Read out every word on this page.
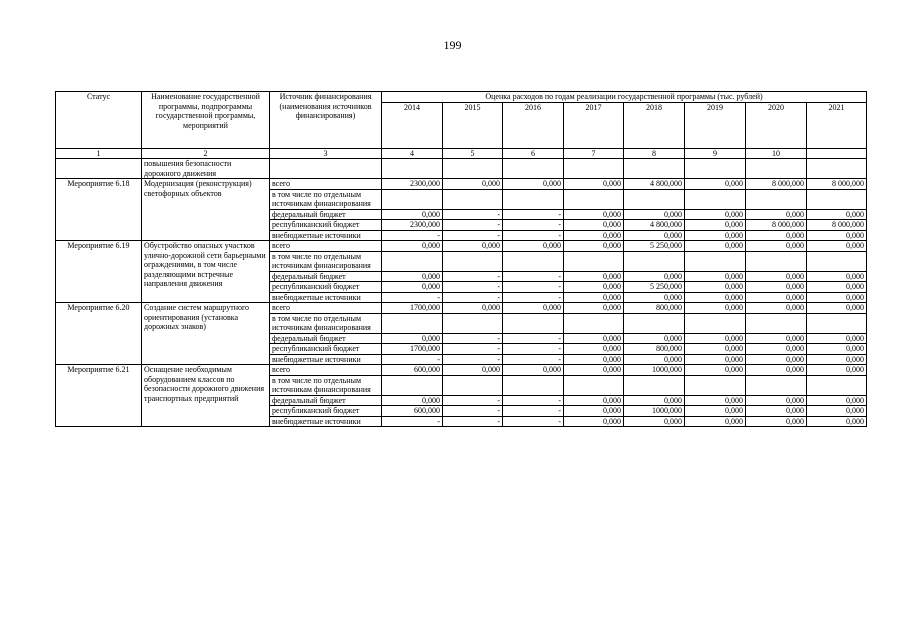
199
Статус	Наименование государственной программы, подпрограммы государственной программы, мероприятий	Источник финансирования (наименования источников финансирования)	Оценка расходов по годам реализации государственной программы (тыс. рублей)							
			2014	2015	2016	2017	2018	2019	2020	2021
1	2	3	4	5	6	7	8	9	10	
	повышения безопасности дорожного движения									
Мероприятие 6.18	Модернизация (реконструкция) светофорных объектов	всего	2300,000	0,000	0,000	0,000	4 800,000	0,000	8 000,000	8 000,000
		в том числе по отдельным источникам финансирования								
		федеральный бюджет	0,000	-	-	0,000	0,000	0,000	0,000	0,000
		республиканский бюджет	2300,000	-	-	0,000	4 800,000	0,000	8 000,000	8 000,000
		внебюджетные источники	-	-	-	0,000	0,000	0,000	0,000	0,000
Мероприятие 6.19	Обустройство опасных участков улично-дорожной сети барьерными ограждениями, в том числе разделяющими встречные направления движения	всего	0,000	0,000	0,000	0,000	5 250,000	0,000	0,000	0,000
		в том числе по отдельным источникам финансирования								
		федеральный бюджет	0,000	-	-	0,000	0,000	0,000	0,000	0,000
		республиканский бюджет	0,000	-	-	0,000	5 250,000	0,000	0,000	0,000
		внебюджетные источники	-	-	-	0,000	0,000	0,000	0,000	0,000
Мероприятие 6.20	Создание систем маршрутного ориентирования (установка дорожных знаков)	всего	1700,000	0,000	0,000	0,000	800,000	0,000	0,000	0,000
		в том числе по отдельным источникам финансирования								
		федеральный бюджет	0,000	-	-	0,000	0,000	0,000	0,000	0,000
		республиканский бюджет	1700,000	-	-	0,000	800,000	0,000	0,000	0,000
		внебюджетные источники	-	-	-	0,000	0,000	0,000	0,000	0,000
Мероприятие 6.21	Оснащение необходимым оборудованием классов по безопасности дорожного движения транспортных предприятий	всего	600,000	0,000	0,000	0,000	1000,000	0,000	0,000	0,000
		в том числе по отдельным источникам финансирования								
		федеральный бюджет	0,000	-	-	0,000	0,000	0,000	0,000	0,000
		республиканский бюджет	600,000	-	-	0,000	1000,000	0,000	0,000	0,000
		внебюджетные источники	-	-	-	0,000	0,000	0,000	0,000	0,000
